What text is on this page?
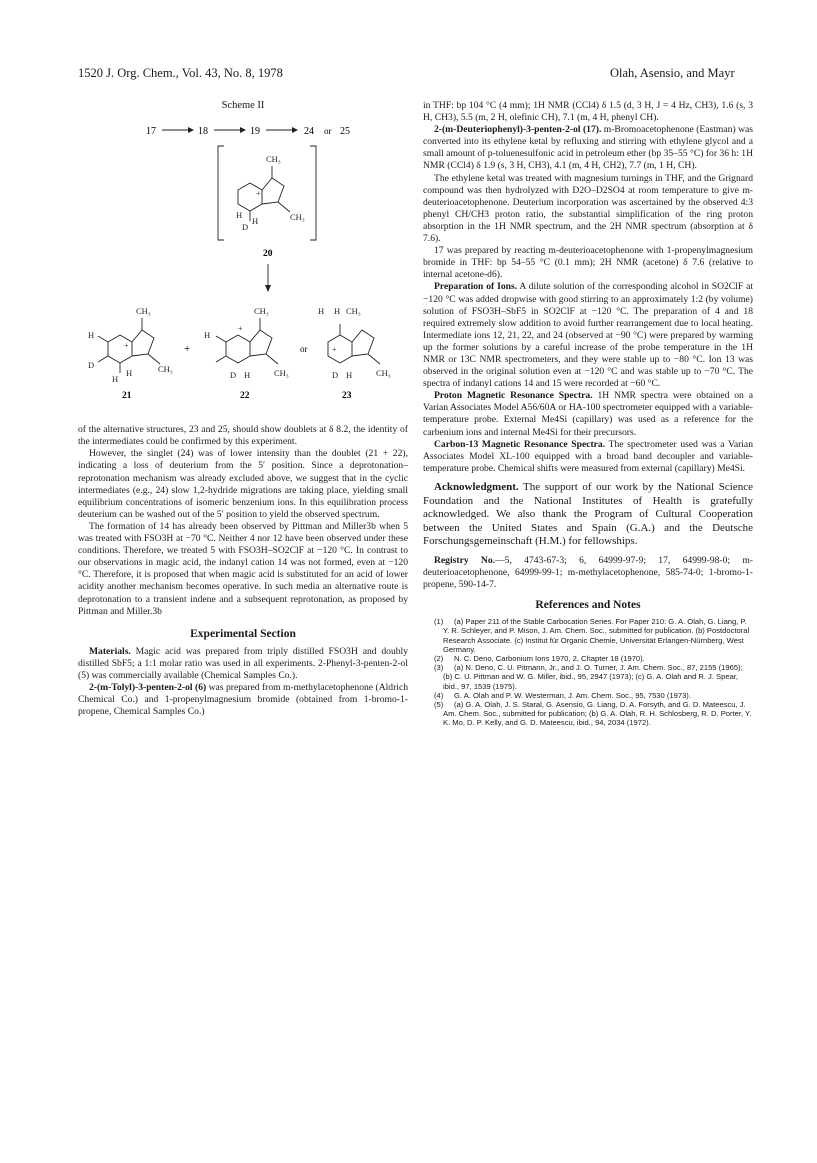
1520 J. Org. Chem., Vol. 43, No. 8, 1978	Olah, Asensio, and Mayr
Scheme II
17	18	19	24 or 25
CH₃
+
H
H	CH₃
D
20
CH₃
+
H
D
H
H	CH₃
21
+
CH₃
+
H
D H	CH₃
22
or
H H CH₃
+
D H	CH₃
23

of the alternative structures, 23 and 25, should show doublets at δ 8.2, the identity of the intermediates could be confirmed by this experiment.

However, the singlet (24) was of lower intensity than the doublet (21 + 22), indicating a loss of deuterium from the 5′ position. Since a deprotonation–reprotonation mechanism was already excluded above, we suggest that in the cyclic intermediates (e.g., 24) slow 1,2-hydride migrations are taking place, yielding small equilibrium concentrations of isomeric benzenium ions. In this equilibration process deuterium can be washed out of the 5′ position to yield the observed spectrum.

The formation of 14 has already been observed by Pittman and Miller3b when 5 was treated with FSO3H at −70 °C. Neither 4 nor 12 have been observed under these conditions. Therefore, we treated 5 with FSO3H–SO2ClF at −120 °C. In contrast to our observations in magic acid, the indanyl cation 14 was not formed, even at −120 °C. Therefore, it is proposed that when magic acid is substituted for an acid of lower acidity another mechanism becomes operative. In such media an alternative route is deprotonation to a transient indene and a subsequent reprotonation, as proposed by Pittman and Miller.3b

Experimental Section

Materials. Magic acid was prepared from triply distilled FSO3H and doubly distilled SbF5; a 1:1 molar ratio was used in all experiments. 2-Phenyl-3-penten-2-ol (5) was commercially available (Chemical Samples Co.).

2-(m-Tolyl)-3-penten-2-ol (6) was prepared from m-methylacetophenone (Aldrich Chemical Co.) and 1-propenylmagnesium bromide (obtained from 1-bromo-1-propene, Chemical Samples Co.)

in THF: bp 104 °C (4 mm); 1H NMR (CCl4) δ 1.5 (d, 3 H, J = 4 Hz, CH3), 1.6 (s, 3 H, CH3), 5.5 (m, 2 H, olefinic CH), 7.1 (m, 4 H, phenyl CH).

2-(m-Deuteriophenyl)-3-penten-2-ol (17). m-Bromoacetophenone (Eastman) was converted into its ethylene ketal by refluxing and stirring with ethylene glycol and a small amount of p-toluenesulfonic acid in petroleum ether (bp 35–55 °C) for 36 h: 1H NMR (CCl4) δ 1.9 (s, 3 H, CH3), 4.1 (m, 4 H, CH2), 7.7 (m, 1 H, CH).

The ethylene ketal was treated with magnesium turnings in THF, and the Grignard compound was then hydrolyzed with D2O–D2SO4 at room temperature to give m-deuterioacetophenone. Deuterium incorporation was ascertained by the observed 4:3 phenyl CH/CH3 proton ratio, the substantial simplification of the ring proton absorption in the 1H NMR spectrum, and the 2H NMR spectrum (absorption at δ 7.6).

17 was prepared by reacting m-deuterioacetophenone with 1-propenylmagnesium bromide in THF: bp 54–55 °C (0.1 mm); 2H NMR (acetone) δ 7.6 (relative to internal acetone-d6).

Preparation of Ions. A dilute solution of the corresponding alcohol in SO2ClF at −120 °C was added dropwise with good stirring to an approximately 1:2 (by volume) solution of FSO3H–SbF5 in SO2ClF at −120 °C. The preparation of 4 and 18 required extremely slow addition to avoid further rearrangement due to local heating. Intermediate ions 12, 21, 22, and 24 (observed at −90 °C) were prepared by warming up the former solutions by a careful increase of the probe temperature in the 1H NMR or 13C NMR spectrometers, and they were stable up to −80 °C. Ion 13 was observed in the original solution even at −120 °C and was stable up to −70 °C. The spectra of indanyl cations 14 and 15 were recorded at −60 °C.

Proton Magnetic Resonance Spectra. 1H NMR spectra were obtained on a Varian Associates Model A56/60A or HA-100 spectrometer equipped with a variable-temperature probe. External Me4Si (capillary) was used as a reference for the carbenium ions and internal Me4Si for their precursors.

Carbon-13 Magnetic Resonance Spectra. The spectrometer used was a Varian Associates Model XL-100 equipped with a broad band decoupler and variable-temperature probe. Chemical shifts were measured from external (capillary) Me4Si.

Acknowledgment. The support of our work by the National Science Foundation and the National Institutes of Health is gratefully acknowledged. We also thank the Program of Cultural Cooperation between the United States and Spain (G.A.) and the Deutsche Forschungsgemeinschaft (H.M.) for fellowships.

Registry No.—5, 4743-67-3; 6, 64999-97-9; 17, 64999-98-0; m-deuterioacetophenone, 64999-99-1; m-methylacetophenone, 585-74-0; 1-bromo-1-propene, 590-14-7.

References and Notes

(1) (a) Paper 211 of the Stable Carbocation Series. For Paper 210: G. A. Olah, G. Liang, P. Y. R. Schleyer, and P. Mison, J. Am. Chem. Soc., submitted for publication. (b) Postdoctoral Research Associate. (c) Institut für Organic Chemie, Universität Erlangen-Nürnberg, West Germany.

(2) N. C. Deno, Carbonium Ions 1970, 2, Chapter 18 (1970).

(3) (a) N. Deno, C. U. Pitmann, Jr., and J. O. Turner, J. Am. Chem. Soc., 87, 2155 (1965); (b) C. U. Pittman and W. G. Miller, ibid., 95, 2947 (1973); (c) G. A. Olah and R. J. Spear, ibid., 97, 1539 (1975).

(4) G. A. Olah and P. W. Westerman, J. Am. Chem. Soc., 95, 7530 (1973).

(5) (a) G. A. Olah, J. S. Staral, G. Asensio, G. Liang, D. A. Forsyth, and G. D. Mateescu, J. Am. Chem. Soc., submitted for publication; (b) G. A. Olah, R. H. Schlosberg, R. D. Porter, Y. K. Mo, D. P. Kelly, and G. D. Mateescu, ibid., 94, 2034 (1972).
